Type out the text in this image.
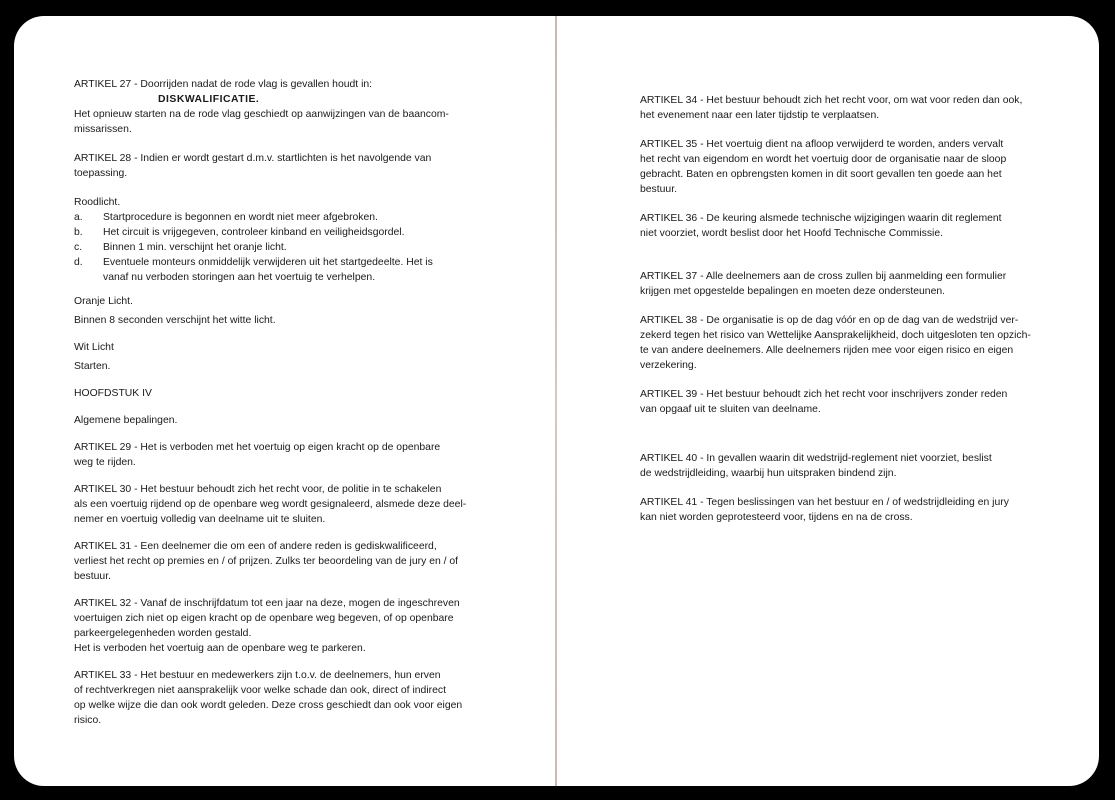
ARTIKEL 27 - Doorrijden nadat de rode vlag is gevallen houdt in:
DISKWALIFICATIE.
Het opnieuw starten na de rode vlag geschiedt op aanwijzingen van de baancom-
missarissen.
ARTIKEL 28 - Indien er wordt gestart d.m.v. startlichten is het navolgende van
toepassing.
Roodlicht.
a. Startprocedure is begonnen en wordt niet meer afgebroken.
b. Het circuit is vrijgegeven, controleer kinband en veiligheidsgordel.
c. Binnen 1 min. verschijnt het oranje licht.
d. Eventuele monteurs onmiddelijk verwijderen uit het startgedeelte. Het is
vanaf nu verboden storingen aan het voertuig te verhelpen.
Oranje Licht.
Binnen 8 seconden verschijnt het witte licht.
Wit Licht
Starten.
HOOFDSTUK IV
Algemene bepalingen.
ARTIKEL 29 - Het is verboden met het voertuig op eigen kracht op de openbare
weg te rijden.
ARTIKEL 30 - Het bestuur behoudt zich het recht voor, de politie in te schakelen
als een voertuig rijdend op de openbare weg wordt gesignaleerd, alsmede deze deel-
nemer en voertuig volledig van deelname uit te sluiten.
ARTIKEL 31 - Een deelnemer die om een of andere reden is gediskwalificeerd,
verliest het recht op premies en / of prijzen. Zulks ter beoordeling van de jury en / of
bestuur.
ARTIKEL 32 - Vanaf de inschrijfdatum tot een jaar na deze, mogen de ingeschreven
voertuigen zich niet op eigen kracht op de openbare weg begeven, of op openbare
parkeergelegenheden worden gestald.
Het is verboden het voertuig aan de openbare weg te parkeren.
ARTIKEL 33 - Het bestuur en medewerkers zijn t.o.v. de deelnemers, hun erven
of rechtverkregen niet aansprakelijk voor welke schade dan ook, direct of indirect
op welke wijze die dan ook wordt geleden. Deze cross geschiedt dan ook voor eigen
risico.
ARTIKEL 34 - Het bestuur behoudt zich het recht voor, om wat voor reden dan ook,
het evenement naar een later tijdstip te verplaatsen.
ARTIKEL 35 - Het voertuig dient na afloop verwijderd te worden, anders vervalt
het recht van eigendom en wordt het voertuig door de organisatie naar de sloop
gebracht. Baten en opbrengsten komen in dit soort gevallen ten goede aan het
bestuur.
ARTIKEL 36 - De keuring alsmede technische wijzigingen waarin dit reglement
niet voorziet, wordt beslist door het Hoofd Technische Commissie.
ARTIKEL 37 - Alle deelnemers aan de cross zullen bij aanmelding een formulier
krijgen met opgestelde bepalingen en moeten deze ondersteunen.
ARTIKEL 38 - De organisatie is op de dag vóór en op de dag van de wedstrijd ver-
zekerd tegen het risico van Wettelijke Aansprakelijkheid, doch uitgesloten ten opzich-
te van andere deelnemers. Alle deelnemers rijden mee voor eigen risico en eigen
verzekering.
ARTIKEL 39 - Het bestuur behoudt zich het recht voor inschrijvers zonder reden
van opgaaf uit te sluiten van deelname.
ARTIKEL 40 - In gevallen waarin dit wedstrijd-reglement niet voorziet, beslist
de wedstrijdleiding, waarbij hun uitspraken bindend zijn.
ARTIKEL 41 - Tegen beslissingen van het bestuur en / of wedstrijdleiding en jury
kan niet worden geprotesteerd voor, tijdens en na de cross.
